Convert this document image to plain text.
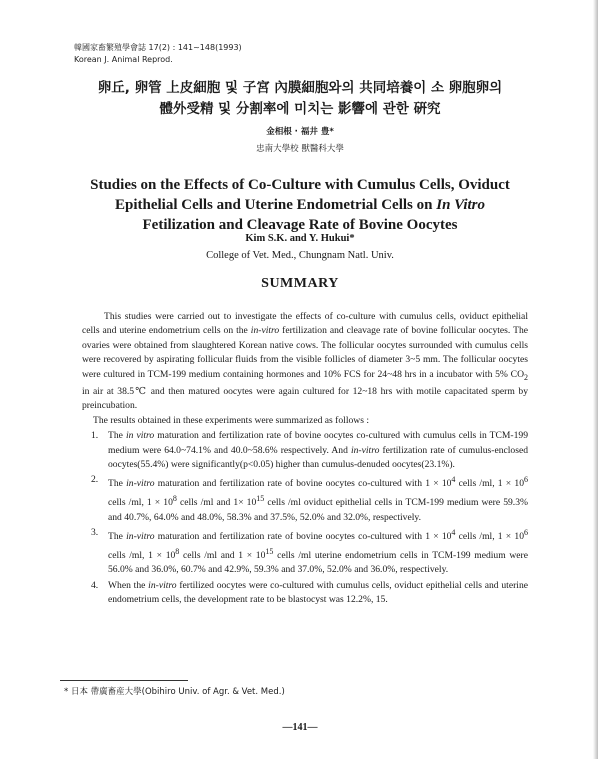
韓國家畜繁殖學會誌 17(2) : 141~148(1993)
Korean J. Animal Reprod.
卵丘, 卵管 上皮細胞 및 子宮 內膜細胞와의 共同培養이 소 卵胞卵의
體外受精 및 分割率에 미치는 影響에 관한 硏究
金相根 · 福井 豊*
忠南大學校 獸醫科大學
Studies on the Effects of Co-Culture with Cumulus Cells, Oviduct
Epithelial Cells and Uterine Endometrial Cells on In Vitro
Fetilization and Cleavage Rate of Bovine Oocytes
Kim S.K. and Y. Hukui*
College of Vet. Med., Chungnam Natl. Univ.
SUMMARY

This studies were carried out to investigate the effects of co-culture with cumulus cells, oviduct epithelial cells and uterine endometrium cells on the in-vitro fertilization and cleavage rate of bovine follicular oocytes. The ovaries were obtained from slaughtered Korean native cows. The follicular oocytes surrounded with cumulus cells were recovered by aspirating follicular fluids from the visible follicles of diameter 3~5 mm. The follicular oocytes were cultured in TCM-199 medium containing hormones and 10% FCS for 24~48 hrs in a incubator with 5% $CO_2$ in air at 38.5℃ and then matured oocytes were again cultured for 12~18 hrs with motile capacitated sperm by preincubation.

The results obtained in these experiments were summarized as follows :

1. The in vitro maturation and fertilization rate of bovine oocytes co-cultured with cumulus cells in TCM-199 medium were 64.0~74.1% and 40.0~58.6% respectively. And in-vitro fertilization rate of cumulus-enclosed oocytes(55.4%) were significantly(p<0.05) higher than cumulus-denuded oocytes(23.1%).
2. The in-vitro maturation and fertilization rate of bovine oocytes co-cultured with $1 \times 10^4$ cells /ml, $1 \times 10^6$ cells /ml, $1 \times 10^8$ cells /ml and $1\times 10^{15}$ cells /ml oviduct epithelial cells in TCM-199 medium were 59.3% and 40.7%, 64.0% and 48.0%, 58.3% and 37.5%, 52.0% and 32.0%, respectively.
3. The in-vitro maturation and fertilization rate of bovine oocytes co-cultured with $1 \times 10^4$ cells /ml, $1 \times 10^6$ cells /ml, $1 \times 10^8$ cells /ml and $1 \times 10^{15}$ cells /ml uterine endometrium cells in TCM-199 medium were 56.0% and 36.0%, 60.7% and 42.9%, 59.3% and 37.0%, 52.0% and 36.0%, respectively.
4. When the in-vitro fertilized oocytes were co-cultured with cumulus cells, oviduct epithelial cells and uterine endometrium cells, the development rate to be blastocyst was 12.2%, 15.
* 日本 帶廣畜産大學(Obihiro Univ. of Agr. & Vet. Med.)
—141—
